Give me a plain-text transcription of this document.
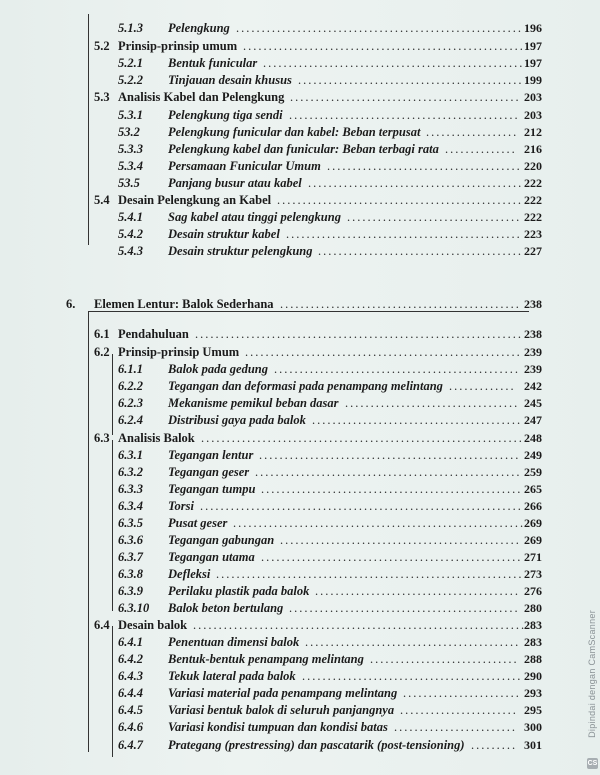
5.1.3 Pelengkung ........................................................ 196
5.2 Prinsip-prinsip umum ....................................................... 197
5.2.1 Bentuk funicular ................................................... 197
5.2.2 Tinjauan desain khusus ............................................ 199
5.3 Analisis Kabel dan Pelengkung ............................................. 203
5.3.1 Pelengkung tiga sendi ............................................. 203
53.2 Pelengkung funicular dan kabel: Beban terpusat .................. 212
5.3.3 Pelengkung kabel dan funicular: Beban terbagi rata .............. 216
5.3.4 Persamaan Funicular Umum ...................................... 220
53.5 Panjang busur atau kabel .......................................... 222
5.4 Desain Pelengkung an Kabel ................................................ 222
5.4.1 Sag kabel atau tinggi pelengkung .................................. 222
5.4.2 Desain struktur kabel .............................................. 223
5.4.3 Desain struktur pelengkung ........................................ 227
6. Elemen Lentur: Balok Sederhana ............................................... 238
6.1 Pendahuluan ................................................................ 238
6.2 Prinsip-prinsip Umum ...................................................... 239
6.1.1 Balok pada gedung ................................................ 239
6.2.2 Tegangan dan deformasi pada penampang melintang ............. 242
6.2.3 Mekanisme pemikul beban dasar .................................. 245
6.2.4 Distribusi gaya pada balok ......................................... 247
6.3 Analisis Balok ............................................................... 248
6.3.1 Tegangan lentur ................................................... 249
6.3.2 Tegangan geser .................................................... 259
6.3.3 Tegangan tumpu ................................................... 265
6.3.4 Torsi ............................................................... 266
6.3.5 Pusat geser .........................................................
269
6.3.6 Tegangan gabungan ............................................... 269
6.3.7 Tegangan utama ................................................... 271
6.3.8 Defleksi ............................................................ 273
6.3.9 Perilaku plastik pada balok ........................................ 276
6.3.10 Balok beton bertulang ............................................. 280
6.4 Desain balok .................................................................
283
6.4.1 Penentuan dimensi balok .......................................... 283
6.4.2 Bentuk-bentuk penampang melintang ............................. 288
6.4.3 Tekuk lateral pada balok ........................................... 290
6.4.4 Variasi material pada penampang melintang ....................... 293
6.4.5 Variasi bentuk balok di seluruh panjangnya ....................... 295
6.4.6 Variasi kondisi tumpuan dan kondisi batas ........................ 300
6.4.7 Prategang (prestressing) dan pascatarik (post-tensioning) ......... 301
Dipindai dengan CamScanner
CS
